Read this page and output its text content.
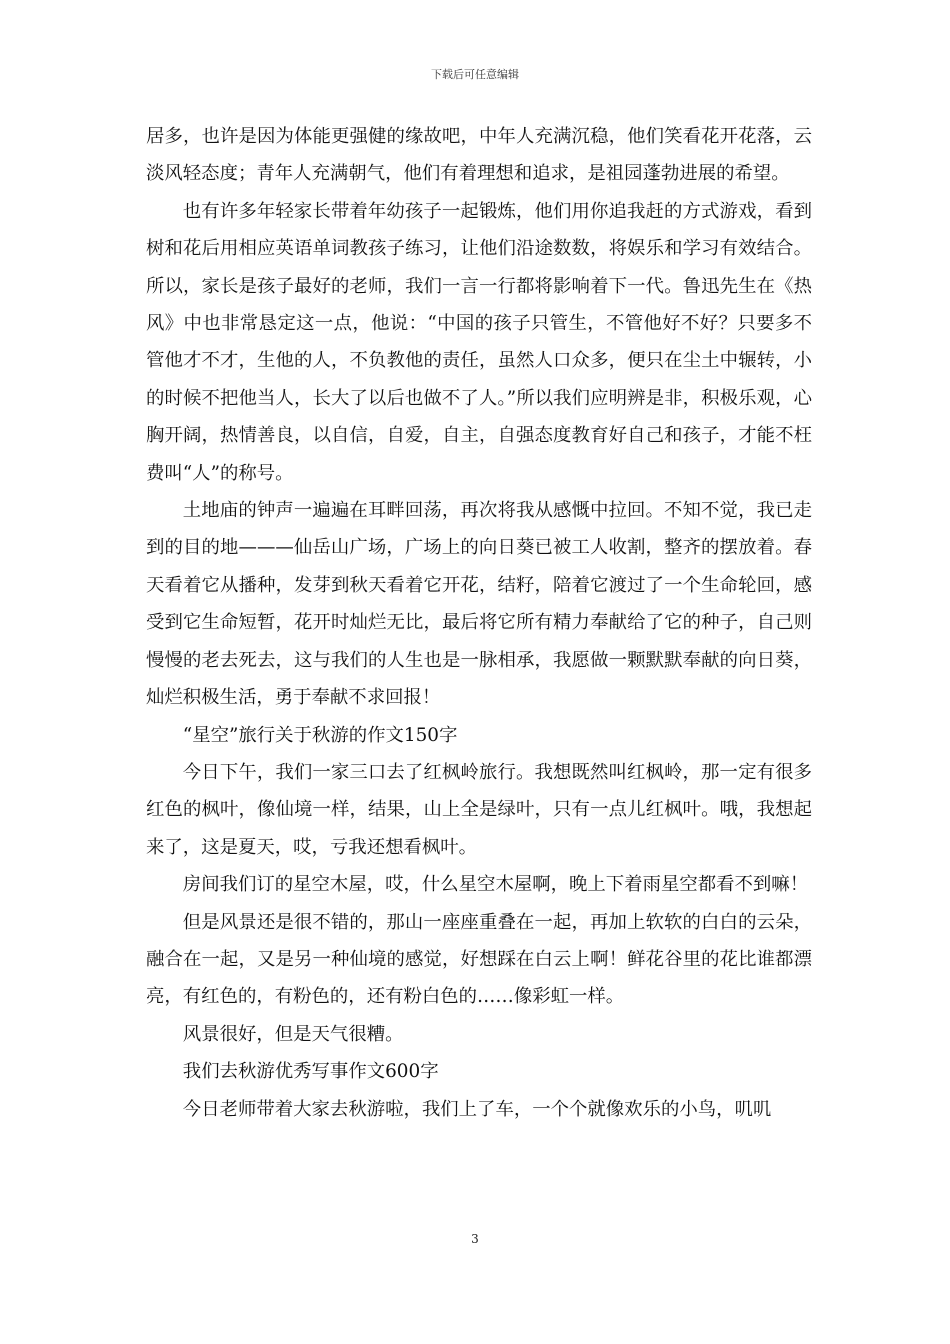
下载后可任意编辑

居多，也许是因为体能更强健的缘故吧，中年人充满沉稳，他们笑看花开花落，云淡风轻态度；青年人充满朝气，他们有着理想和追求，是祖园蓬勃进展的希望。

也有许多年轻家长带着年幼孩子一起锻炼，他们用你追我赶的方式游戏，看到树和花后用相应英语单词教孩子练习，让他们沿途数数，将娱乐和学习有效结合。所以，家长是孩子最好的老师，我们一言一行都将影响着下一代。鲁迅先生在《热风》中也非常恳定这一点，他说：“中国的孩子只管生，不管他好不好？只要多不管他才不才，生他的人，不负教他的责任，虽然人口众多，便只在尘土中辗转，小的时候不把他当人，长大了以后也做不了人。”所以我们应明辨是非，积极乐观，心胸开阔，热情善良，以自信，自爱，自主，自强态度教育好自己和孩子，才能不枉费叫“人”的称号。

土地庙的钟声一遍遍在耳畔回荡，再次将我从感慨中拉回。不知不觉，我已走到的目的地———仙岳山广场，广场上的向日葵已被工人收割，整齐的摆放着。春天看着它从播种，发芽到秋天看着它开花，结籽，陪着它渡过了一个生命轮回，感受到它生命短暂，花开时灿烂无比，最后将它所有精力奉献给了它的种子，自己则慢慢的老去死去，这与我们的人生也是一脉相承，我愿做一颗默默奉献的向日葵，灿烂积极生活，勇于奉献不求回报！

“星空”旅行关于秋游的作文150字

今日下午，我们一家三口去了红枫岭旅行。我想既然叫红枫岭，那一定有很多红色的枫叶，像仙境一样，结果，山上全是绿叶，只有一点儿红枫叶。哦，我想起来了，这是夏天，哎，亏我还想看枫叶。

房间我们订的星空木屋，哎，什么星空木屋啊，晚上下着雨星空都看不到嘛！

但是风景还是很不错的，那山一座座重叠在一起，再加上软软的白白的云朵，融合在一起，又是另一种仙境的感觉，好想踩在白云上啊！鲜花谷里的花比谁都漂亮，有红色的，有粉色的，还有粉白色的……像彩虹一样。

风景很好，但是天气很糟。

我们去秋游优秀写事作文600字

今日老师带着大家去秋游啦，我们上了车，一个个就像欢乐的小鸟，叽叽

3
